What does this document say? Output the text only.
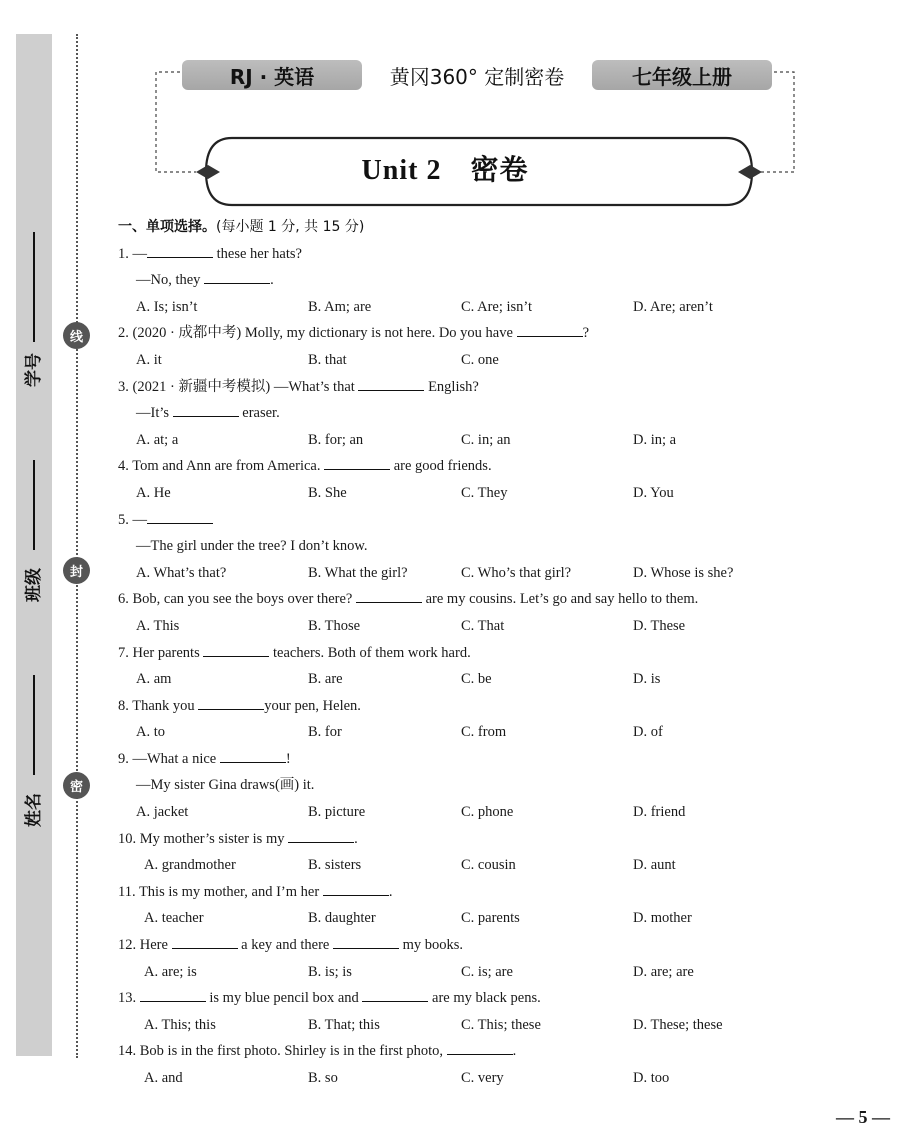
学号
班级
姓名
线
封
密
RJ · 英语	黄冈360° 定制密卷	七年级上册
Unit 2　密卷
一、单项选择。(每小题 1 分, 共 15 分)
1. —	these her hats?
—No, they	.
A. Is; isn’t	B. Am; are	C. Are; isn’t	D. Are; aren’t
2. (2020 · 成都中考) Molly, my dictionary is not here. Do you have	?
A. it	B. that	C. one
3. (2021 · 新疆中考模拟) —What’s that	English?
—It’s	eraser.
A. at; a	B. for; an	C. in; an	D. in; a
4. Tom and Ann are from America.	are good friends.
A. He	B. She	C. They	D. You
5. —
—The girl under the tree? I don’t know.
A. What’s that?	B. What the girl?	C. Who’s that girl?	D. Whose is she?
6. Bob, can you see the boys over there?	are my cousins. Let’s go and say hello to them.
A. This	B. Those	C. That	D. These
7. Her parents	teachers. Both of them work hard.
A. am	B. are	C. be	D. is
8. Thank you	your pen, Helen.
A. to	B. for	C. from	D. of
9. —What a nice	!
—My sister Gina draws(画) it.
A. jacket	B. picture	C. phone	D. friend
10. My mother’s sister is my	.
A. grandmother	B. sisters	C. cousin	D. aunt
11. This is my mother, and I’m her	.
A. teacher	B. daughter	C. parents	D. mother
12. Here	a key and there	my books.
A. are; is	B. is; is	C. is; are	D. are; are
13.	is my blue pencil box and	are my black pens.
A. This; this	B. That; this	C. This; these	D. These; these
14. Bob is in the first photo. Shirley is in the first photo,	.
A. and	B. so	C. very	D. too
— 5 —
